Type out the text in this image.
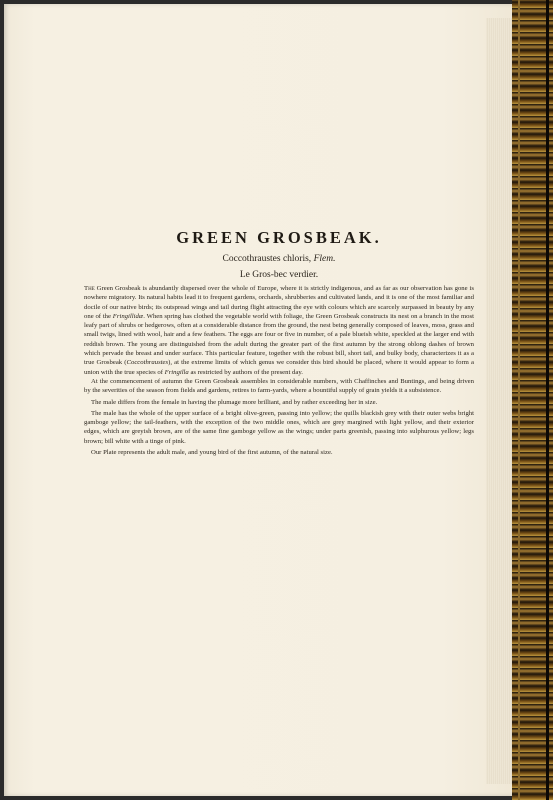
GREEN GROSBEAK.

Coccothraustes chloris, Flem.

Le Gros-bec verdier.

The Green Grosbeak is abundantly dispersed over the whole of Europe, where it is strictly indigenous, and as far as our observation has gone is nowhere migratory. Its natural habits lead it to frequent gardens, orchards, shrubberies and cultivated lands, and it is one of the most familiar and docile of our native birds; its outspread wings and tail during flight attracting the eye with colours which are scarcely surpassed in beauty by any one of the Fringillidæ. When spring has clothed the vegetable world with foliage, the Green Grosbeak constructs its nest on a branch in the most leafy part of shrubs or hedgerows, often at a considerable distance from the ground, the nest being generally composed of leaves, moss, grass and small twigs, lined with wool, hair and a few feathers. The eggs are four or five in number, of a pale blueish white, speckled at the larger end with reddish brown. The young are distinguished from the adult during the greater part of the first autumn by the strong oblong dashes of brown which pervade the breast and under surface. This particular feature, together with the robust bill, short tail, and bulky body, characterizes it as a true Grosbeak (Coccothraustes), at the extreme limits of which genus we consider this bird should be placed, where it would appear to form a union with the true species of Fringilla as restricted by authors of the present day.

At the commencement of autumn the Green Grosbeak assembles in considerable numbers, with Chaffinches and Buntings, and being driven by the severities of the season from fields and gardens, retires to farm-yards, where a bountiful supply of grain yields it a subsistence.

The male differs from the female in having the plumage more brilliant, and by rather exceeding her in size.

The male has the whole of the upper surface of a bright olive-green, passing into yellow; the quills blackish grey with their outer webs bright gamboge yellow; the tail-feathers, with the exception of the two middle ones, which are grey margined with light yellow, and their exterior edges, which are greyish brown, are of the same fine gamboge yellow as the wings; under parts greenish, passing into sulphurous yellow; legs brown; bill white with a tinge of pink.

Our Plate represents the adult male, and young bird of the first autumn, of the natural size.
